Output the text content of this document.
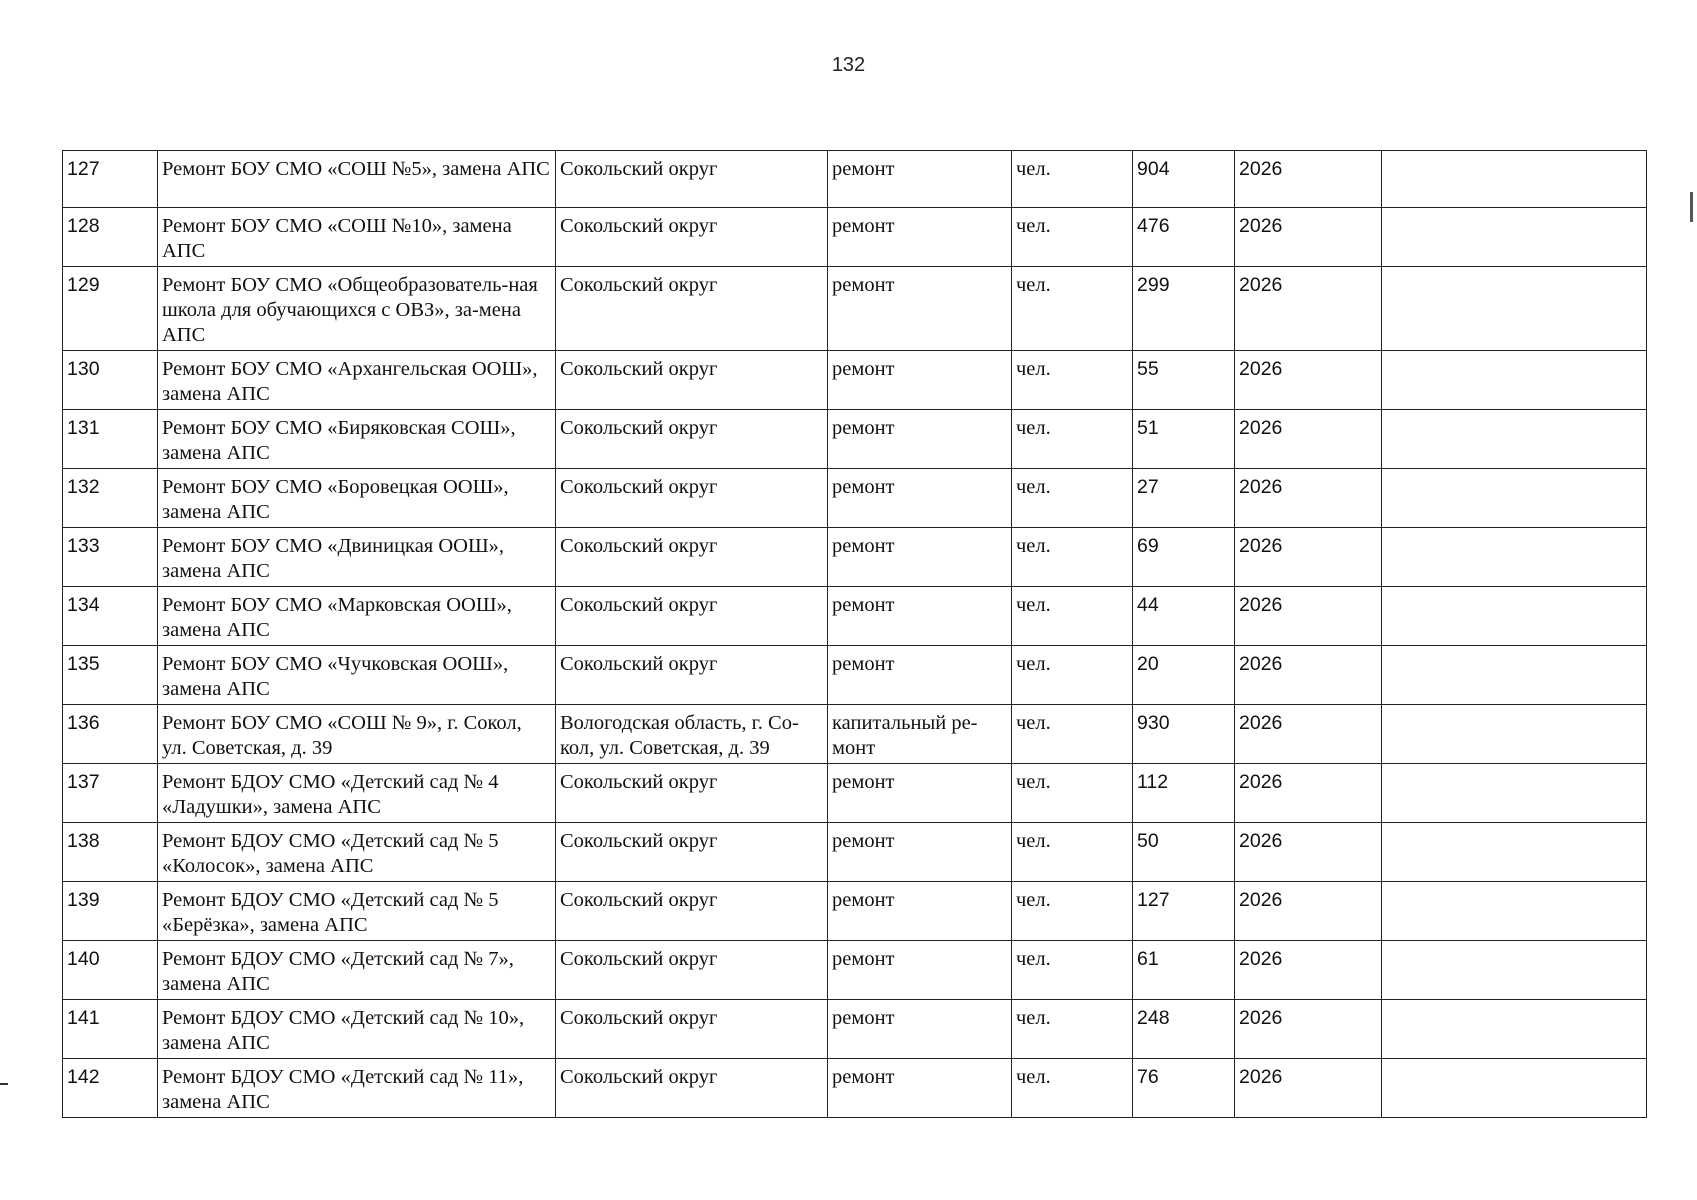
132
127	Ремонт БОУ СМО «СОШ №5», замена АПС	Сокольский округ	ремонт	чел.	904	2026	
128	Ремонт БОУ СМО «СОШ №10», замена АПС	Сокольский округ	ремонт	чел.	476	2026	
129	Ремонт БОУ СМО «Общеобразователь-ная школа для обучающихся с ОВЗ», за-мена АПС	Сокольский округ	ремонт	чел.	299	2026	
130	Ремонт БОУ СМО «Архангельская ООШ», замена АПС	Сокольский округ	ремонт	чел.	55	2026	
131	Ремонт БОУ СМО «Биряковская СОШ», замена АПС	Сокольский округ	ремонт	чел.	51	2026	
132	Ремонт БОУ СМО «Боровецкая ООШ», замена АПС	Сокольский округ	ремонт	чел.	27	2026	
133	Ремонт БОУ СМО «Двиницкая ООШ», замена АПС	Сокольский округ	ремонт	чел.	69	2026	
134	Ремонт БОУ СМО «Марковская ООШ», замена АПС	Сокольский округ	ремонт	чел.	44	2026	
135	Ремонт БОУ СМО «Чучковская ООШ», замена АПС	Сокольский округ	ремонт	чел.	20	2026	
136	Ремонт БОУ СМО «СОШ № 9», г. Сокол, ул. Советская, д. 39	Вологодская область, г. Со-кол, ул. Советская, д. 39	капитальный ре-монт	чел.	930	2026	
137	Ремонт БДОУ СМО «Детский сад № 4 «Ладушки», замена АПС	Сокольский округ	ремонт	чел.	112	2026	
138	Ремонт БДОУ СМО «Детский сад № 5 «Колосок», замена АПС	Сокольский округ	ремонт	чел.	50	2026	
139	Ремонт БДОУ СМО «Детский сад № 5 «Берёзка», замена АПС	Сокольский округ	ремонт	чел.	127	2026	
140	Ремонт БДОУ СМО «Детский сад № 7», замена АПС	Сокольский округ	ремонт	чел.	61	2026	
141	Ремонт БДОУ СМО «Детский сад № 10», замена АПС	Сокольский округ	ремонт	чел.	248	2026	
142	Ремонт БДОУ СМО «Детский сад № 11», замена АПС	Сокольский округ	ремонт	чел.	76	2026	
